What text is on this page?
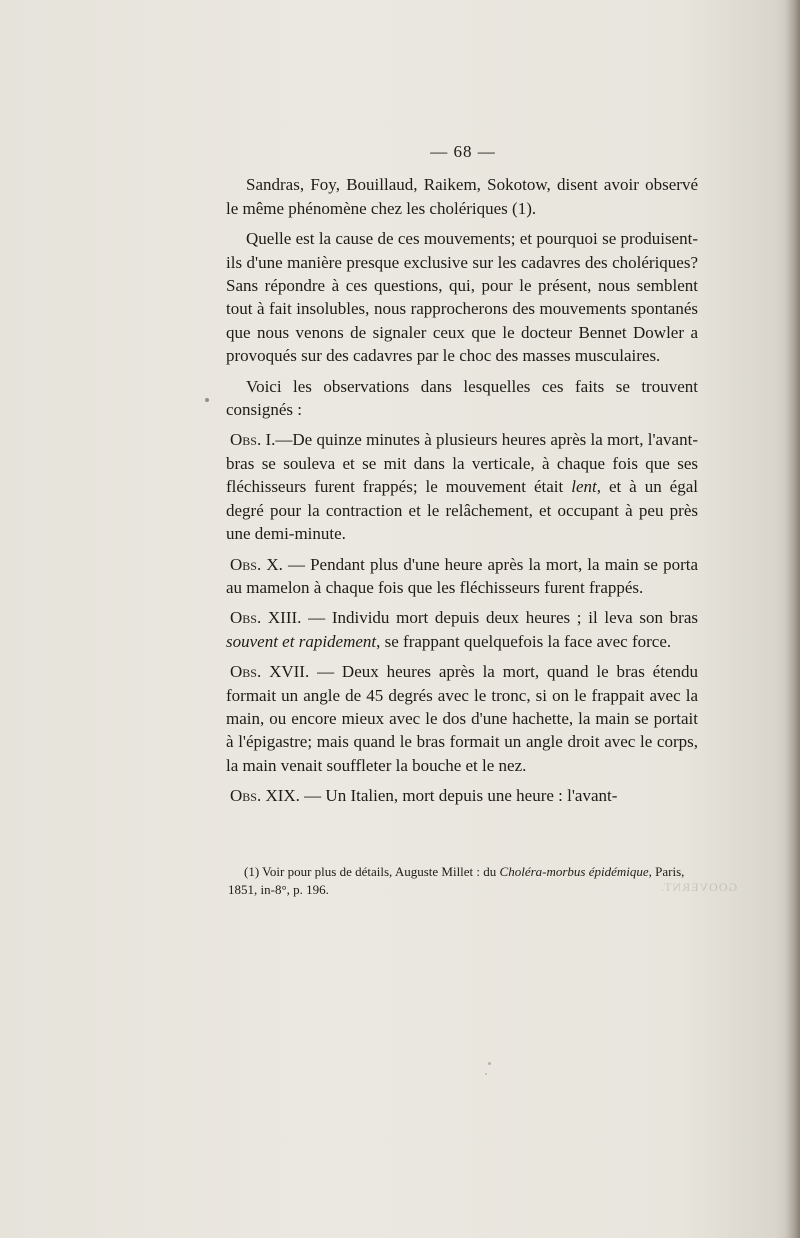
— 68 —

Sandras, Foy, Bouillaud, Raikem, Sokotow, disent avoir observé le même phénomène chez les cholériques (1).

Quelle est la cause de ces mouvements; et pourquoi se produisent-ils d'une manière presque exclusive sur les cadavres des cholériques? Sans répondre à ces questions, qui, pour le présent, nous semblent tout à fait insolubles, nous rapprocherons des mouvements spontanés que nous venons de signaler ceux que le docteur Bennet Dowler a provoqués sur des cadavres par le choc des masses musculaires.

Voici les observations dans lesquelles ces faits se trouvent consignés :

Obs. I.—De quinze minutes à plusieurs heures après la mort, l'avant-bras se souleva et se mit dans la verticale, à chaque fois que ses fléchisseurs furent frappés; le mouvement était lent, et à un égal degré pour la contraction et le relâchement, et occupant à peu près une demi-minute.

Obs. X. — Pendant plus d'une heure après la mort, la main se porta au mamelon à chaque fois que les fléchisseurs furent frappés.

Obs. XIII. — Individu mort depuis deux heures ; il leva son bras souvent et rapidement, se frappant quelquefois la face avec force.

Obs. XVII. — Deux heures après la mort, quand le bras étendu formait un angle de 45 degrés avec le tronc, si on le frappait avec la main, ou encore mieux avec le dos d'une hachette, la main se portait à l'épigastre; mais quand le bras formait un angle droit avec le corps, la main venait souffleter la bouche et le nez.

Obs. XIX. — Un Italien, mort depuis une heure : l'avant-

(1) Voir pour plus de détails, Auguste Millet : du Choléra-morbus épidémique, Paris, 1851, in-8°, p. 196.	GOOVERNT.
